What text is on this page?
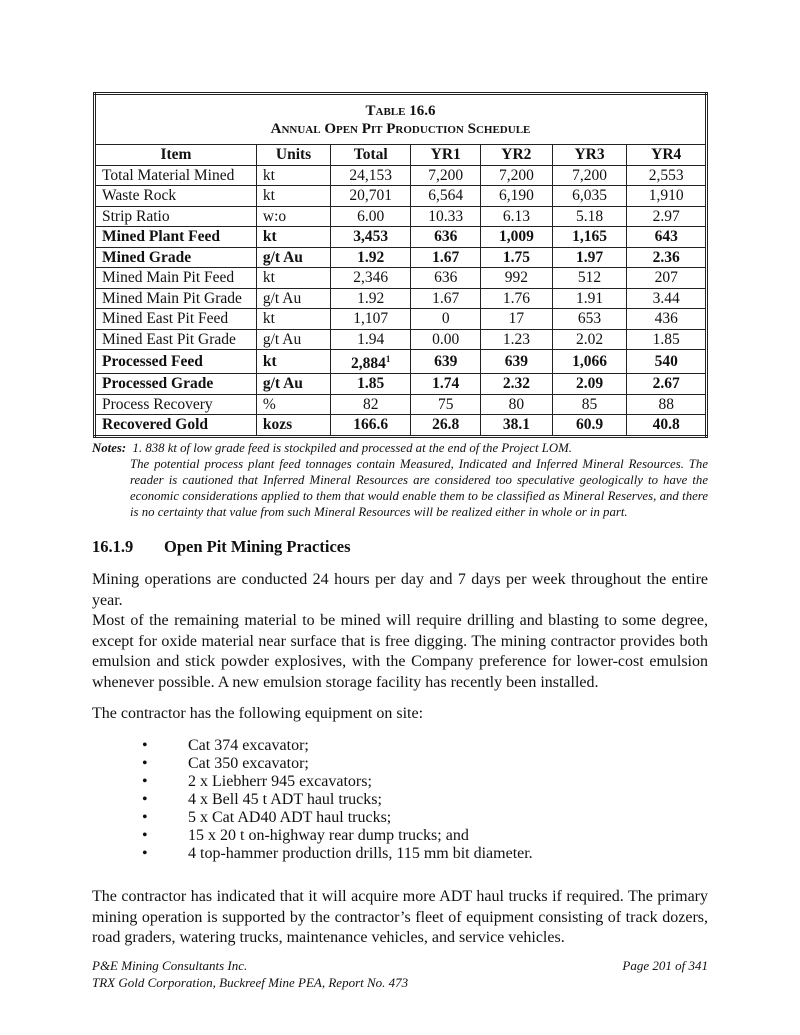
Table 16.6
Annual Open Pit Production Schedule						

Item	Units	Total	YR1	YR2	YR3	YR4
Total Material Mined	kt	24,153	7,200	7,200	7,200	2,553
Waste Rock	kt	20,701	6,564	6,190	6,035	1,910
Strip Ratio	w:o	6.00	10.33	6.13	5.18	2.97
Mined Plant Feed	kt	3,453	636	1,009	1,165	643
Mined Grade	g/t Au	1.92	1.67	1.75	1.97	2.36
Mined Main Pit Feed	kt	2,346	636	992	512	207
Mined Main Pit Grade	g/t Au	1.92	1.67	1.76	1.91	3.44
Mined East Pit Feed	kt	1,107	0	17	653	436
Mined East Pit Grade	g/t Au	1.94	0.00	1.23	2.02	1.85
Processed Feed	kt	2,884$^1$	639	639	1,066	540
Processed Grade	g/t Au	1.85	1.74	2.32	2.09	2.67
Process Recovery	%	82	75	80	85	88
Recovered Gold	kozs	166.6	26.8	38.1	60.9	40.8
Notes: 1. 838 kt of low grade feed is stockpiled and processed at the end of the Project LOM.
The potential process plant feed tonnages contain Measured, Indicated and Inferred Mineral Resources. The reader is cautioned that Inferred Mineral Resources are considered too speculative geologically to have the economic considerations applied to them that would enable them to be classified as Mineral Reserves, and there is no certainty that value from such Mineral Resources will be realized either in whole or in part.
16.1.9 Open Pit Mining Practices

Mining operations are conducted 24 hours per day and 7 days per week throughout the entire year.

Most of the remaining material to be mined will require drilling and blasting to some degree, except for oxide material near surface that is free digging. The mining contractor provides both emulsion and stick powder explosives, with the Company preference for lower-cost emulsion whenever possible. A new emulsion storage facility has recently been installed.

The contractor has the following equipment on site:

•	Cat 374 excavator;
•	Cat 350 excavator;
•	2 x Liebherr 945 excavators;
•	4 x Bell 45 t ADT haul trucks;
•	5 x Cat AD40 ADT haul trucks;
•	15 x 20 t on-highway rear dump trucks; and
•	4 top-hammer production drills, 115 mm bit diameter.

The contractor has indicated that it will acquire more ADT haul trucks if required. The primary mining operation is supported by the contractor’s fleet of equipment consisting of track dozers, road graders, watering trucks, maintenance vehicles, and service vehicles.

P&E Mining Consultants Inc.
TRX Gold Corporation, Buckreef Mine PEA, Report No. 473
Page 201 of 341
